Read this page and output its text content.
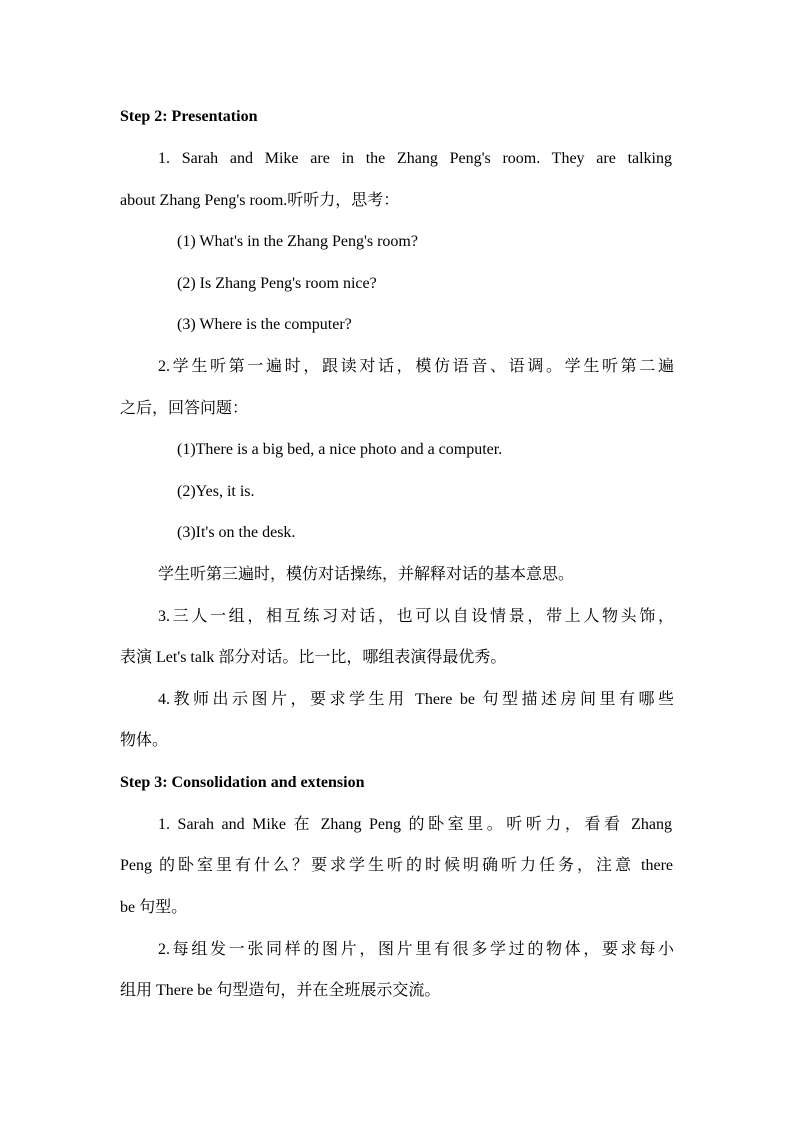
Step 2: Presentation
1. Sarah and Mike are in the Zhang Peng's room. They are talking
about Zhang Peng's room.听听力，思考：
(1) What's in the Zhang Peng's room?
(2) Is Zhang Peng's room nice?
(3) Where is the computer?
2.学生听第一遍时，跟读对话，模仿语音、语调。学生听第二遍
之后，回答问题：
(1)There is a big bed, a nice photo and a computer.
(2)Yes, it is.
(3)It's on the desk.
学生听第三遍时，模仿对话操练，并解释对话的基本意思。
3.三人一组，相互练习对话，也可以自设情景，带上人物头饰，
表演 Let's talk 部分对话。比一比，哪组表演得最优秀。
4.教师出示图片，要求学生用 There be 句型描述房间里有哪些
物体。
Step 3: Consolidation and extension
1. Sarah and Mike 在 Zhang Peng 的卧室里。听听力，看看 Zhang
Peng 的卧室里有什么？要求学生听的时候明确听力任务，注意 there
be 句型。
2.每组发一张同样的图片，图片里有很多学过的物体，要求每小
组用 There be 句型造句，并在全班展示交流。
